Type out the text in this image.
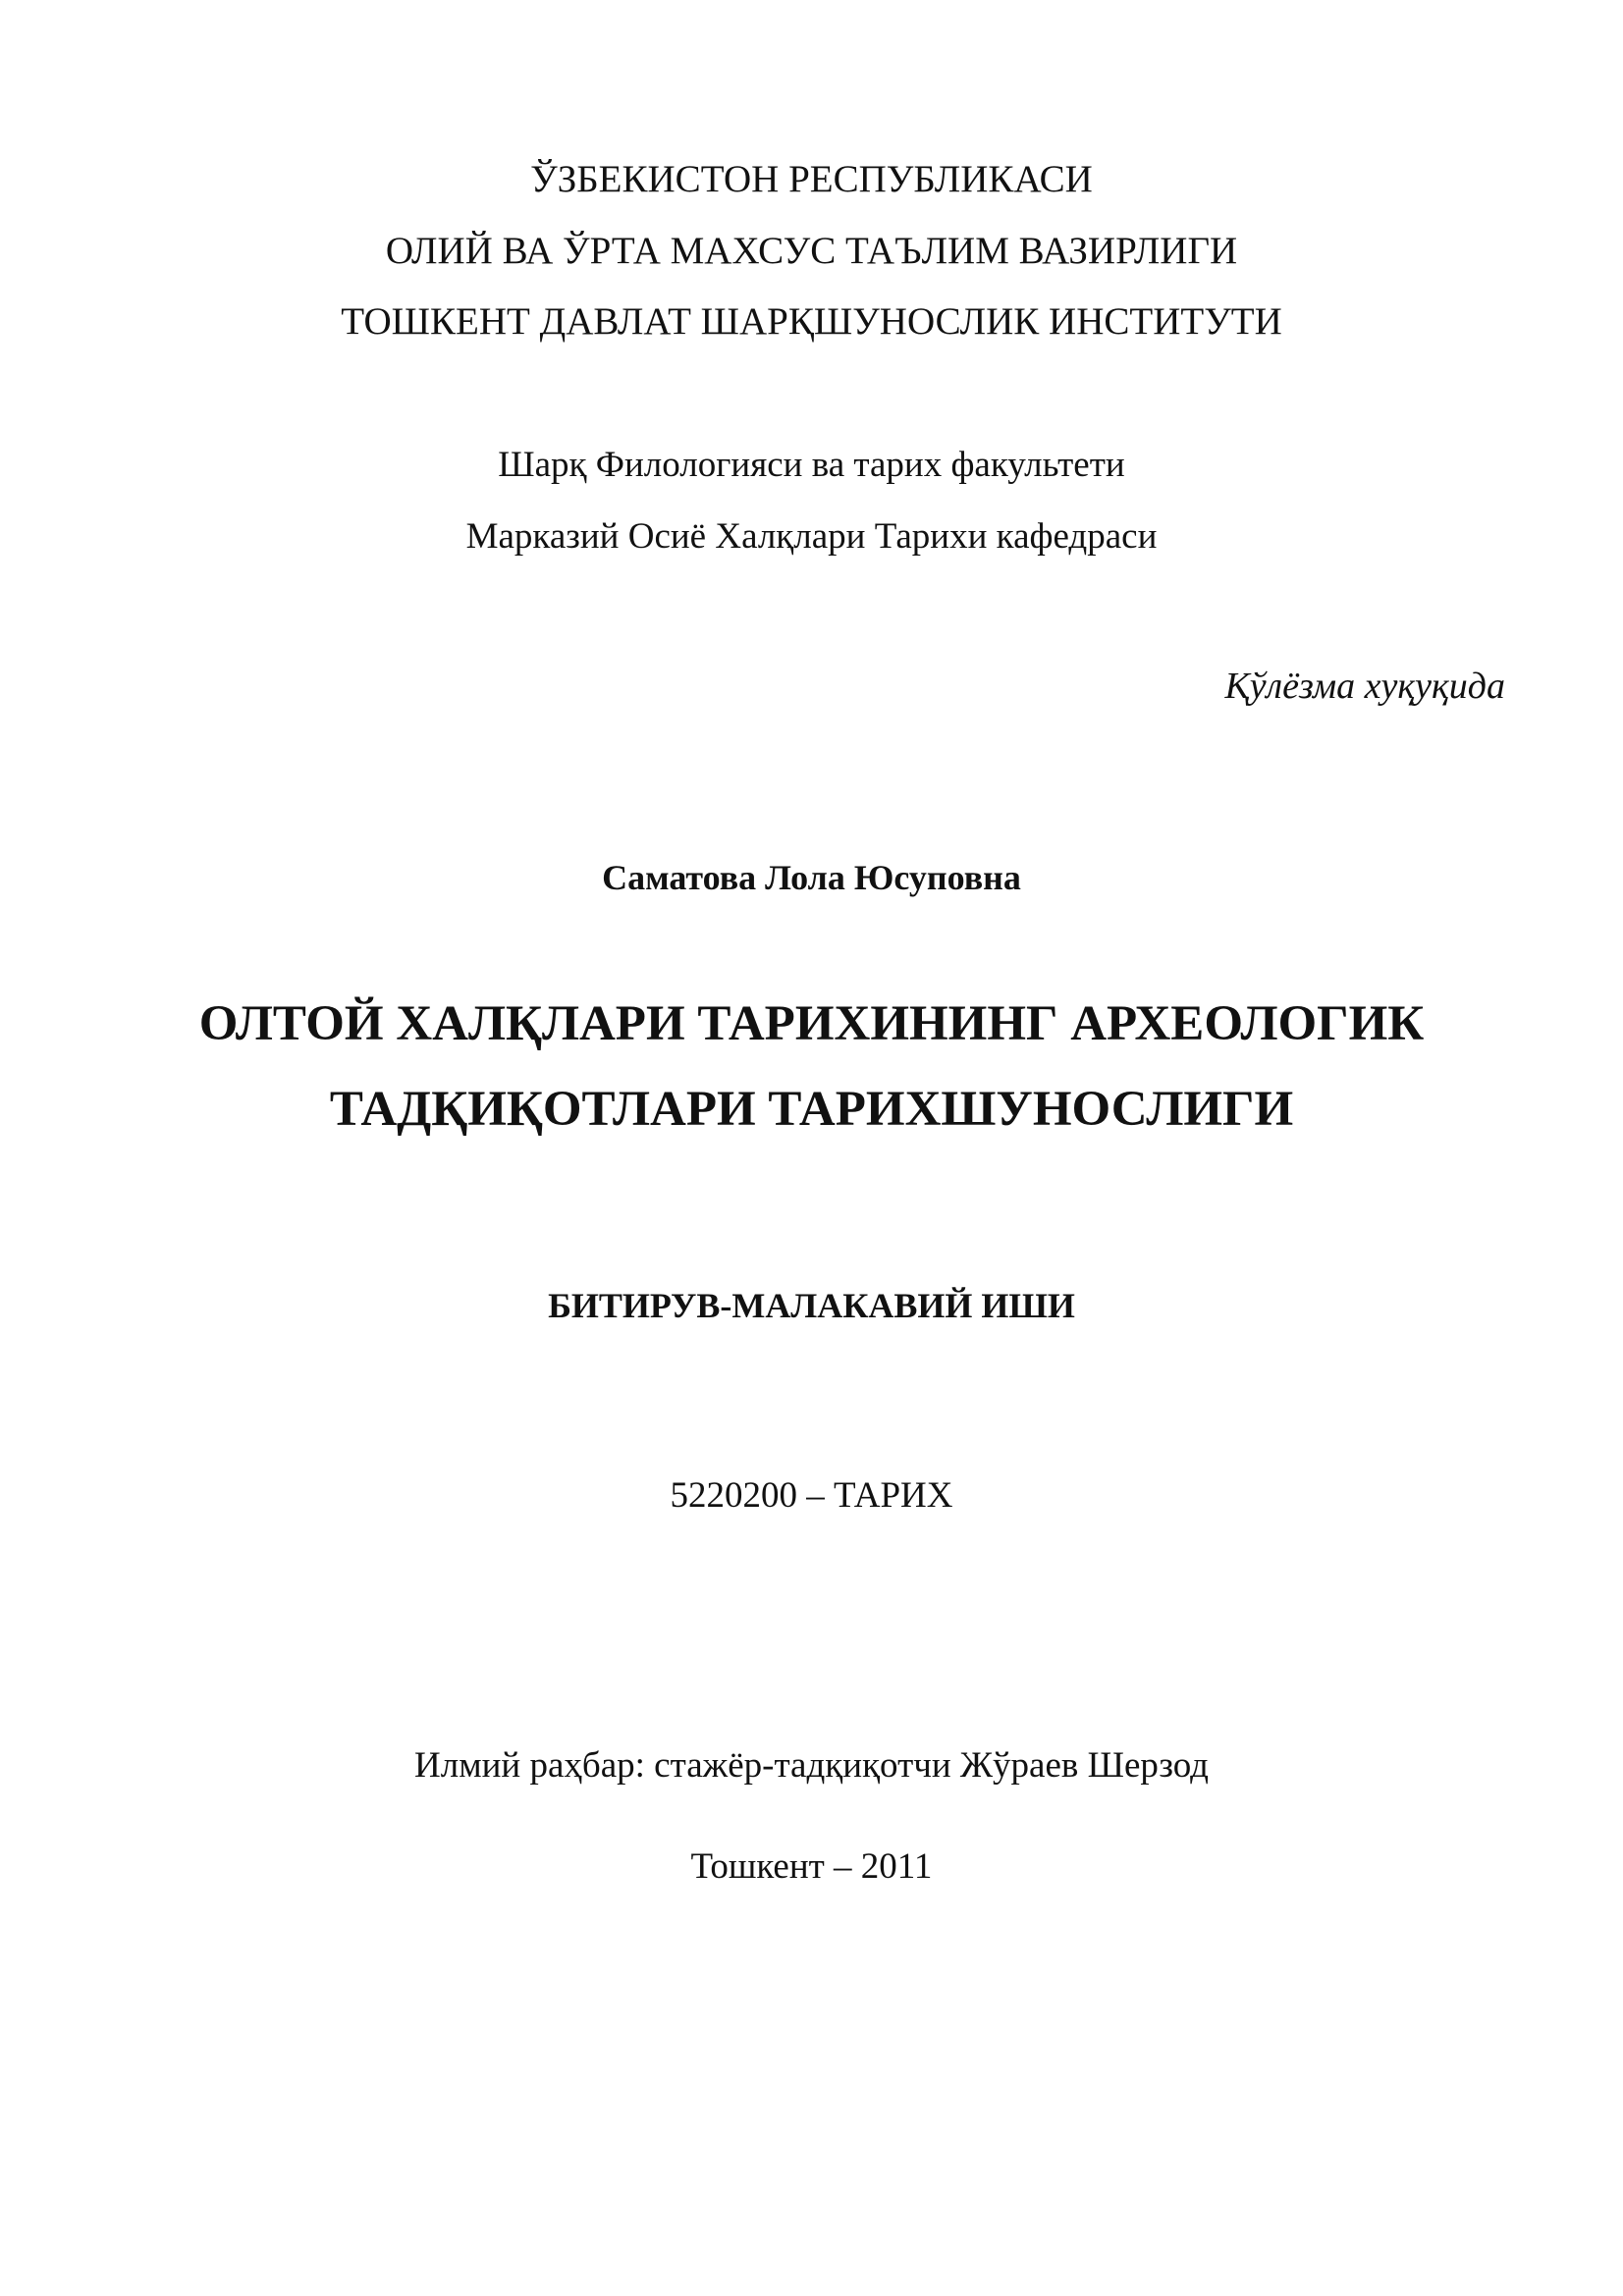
ЎЗБЕКИСТОН РЕСПУБЛИКАСИ
ОЛИЙ ВА ЎРТА МАХСУС ТАЪЛИМ ВАЗИРЛИГИ
ТОШКЕНТ ДАВЛАТ ШАРҚШУНОСЛИК ИНСТИТУТИ
Шарқ Филологияси ва тарих факультети
Марказий Осиё Халқлари Тарихи кафедраси
Қўлёзма хуқуқида
Саматова Лола Юсуповна
ОЛТОЙ ХАЛҚЛАРИ ТАРИХИНИНГ АРХЕОЛОГИК
ТАДҚИҚОТЛАРИ ТАРИХШУНОСЛИГИ
БИТИРУВ-МАЛАКАВИЙ ИШИ
5220200 – ТАРИХ
Илмий раҳбар: стажёр-тадқиқотчи Жўраев Шерзод
Тошкент – 2011
